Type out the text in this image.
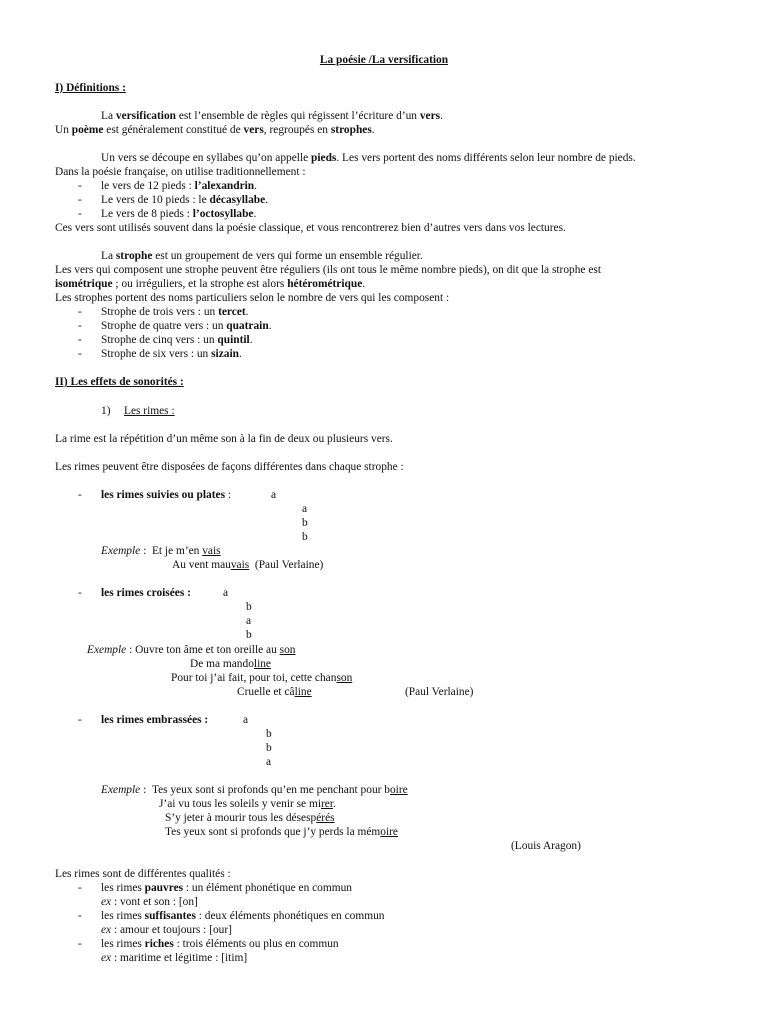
La poésie /La versification
I) Définitions :
La versification est l’ensemble de règles qui régissent l’écriture d’un vers.
Un poème est généralement constitué de vers, regroupés en strophes.
Un vers se découpe en syllabes qu’on appelle pieds. Les vers portent des noms différents selon leur nombre de pieds.
Dans la poésie française, on utilise traditionnellement :
- le vers de 12 pieds : l’alexandrin.
- Le vers de 10 pieds : le décasyllabe.
- Le vers de 8 pieds : l’octosyllabe.
Ces vers sont utilisés souvent dans la poésie classique, et vous rencontrerez bien d’autres vers dans vos lectures.
La strophe est un groupement de vers qui forme un ensemble régulier.
Les vers qui composent une strophe peuvent être réguliers (ils ont tous le même nombre pieds), on dit que la strophe est
isométrique ; ou irréguliers, et la strophe est alors hétérométrique.
Les strophes portent des noms particuliers selon le nombre de vers qui les composent :
- Strophe de trois vers : un tercet.
- Strophe de quatre vers : un quatrain.
- Strophe de cinq vers : un quintil.
- Strophe de six vers : un sizain.
II) Les effets de sonorités :
1) Les rimes :
La rime est la répétition d’un même son à la fin de deux ou plusieurs vers.
Les rimes peuvent être disposées de façons différentes dans chaque strophe :
- les rimes suivies ou plates :	a
a
b
b
Exemple : Et je m’en vais
Au vent mauvais  (Paul Verlaine)
- les rimes croisées :	a
b
a
b
Exemple : Ouvre ton âme et ton oreille au son
De ma mandoline
Pour toi j’ai fait, pour toi, cette chanson
Cruelle et câline	(Paul Verlaine)
- les rimes embrassées :	a
b
b
a
Exemple : Tes yeux sont si profonds qu’en me penchant pour boire
J’ai vu tous les soleils y venir se mirer.
S’y jeter à mourir tous les désespérés
Tes yeux sont si profonds que j’y perds la mémoire
(Louis Aragon)
Les rimes sont de différentes qualités :
- les rimes pauvres : un élément phonétique en commun
ex : vont et son : [on]
- les rimes suffisantes : deux éléments phonétiques en commun
ex : amour et toujours : [our]
- les rimes riches : trois éléments ou plus en commun
ex : maritime et légitime : [itim]
